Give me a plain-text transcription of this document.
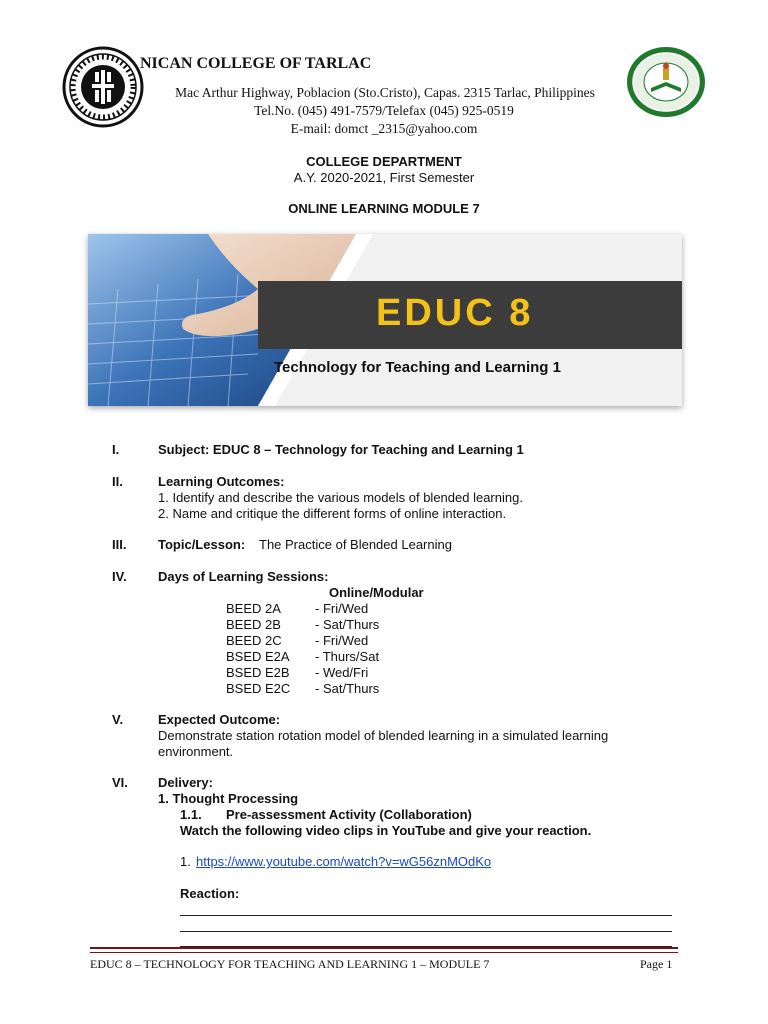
NICAN COLLEGE OF TARLAC
Mac Arthur Highway, Poblacion (Sto.Cristo), Capas. 2315 Tarlac, Philippines
Tel.No. (045) 491-7579/Telefax (045) 925-0519
E-mail: domct _2315@yahoo.com
COLLEGE DEPARTMENT
A.Y. 2020-2021, First Semester
ONLINE LEARNING MODULE 7
EDUC 8
Technology for Teaching and Learning 1
I.	Subject: EDUC 8 – Technology for Teaching and Learning 1
II.	Learning Outcomes:
1. Identify and describe the various models of blended learning.
2. Name and critique the different forms of online interaction.
III. Topic/Lesson: The Practice of Blended Learning
IV. Days of Learning Sessions:
Online/Modular
BEED 2A	- Fri/Wed
BEED 2B	- Sat/Thurs
BEED 2C	- Fri/Wed
BSED E2A - Thurs/Sat
BSED E2B - Wed/Fri
BSED E2C - Sat/Thurs
V.	Expected Outcome:
Demonstrate station rotation model of blended learning in a simulated learning
environment.
VI. Delivery:
1. Thought Processing
1.1. Pre-assessment Activity (Collaboration)
Watch the following video clips in YouTube and give your reaction.
1. https://www.youtube.com/watch?v=wG56znMOdKo
Reaction:
EDUC 8 – TECHNOLOGY FOR TEACHING AND LEARNING 1 – MODULE 7	Page 1
